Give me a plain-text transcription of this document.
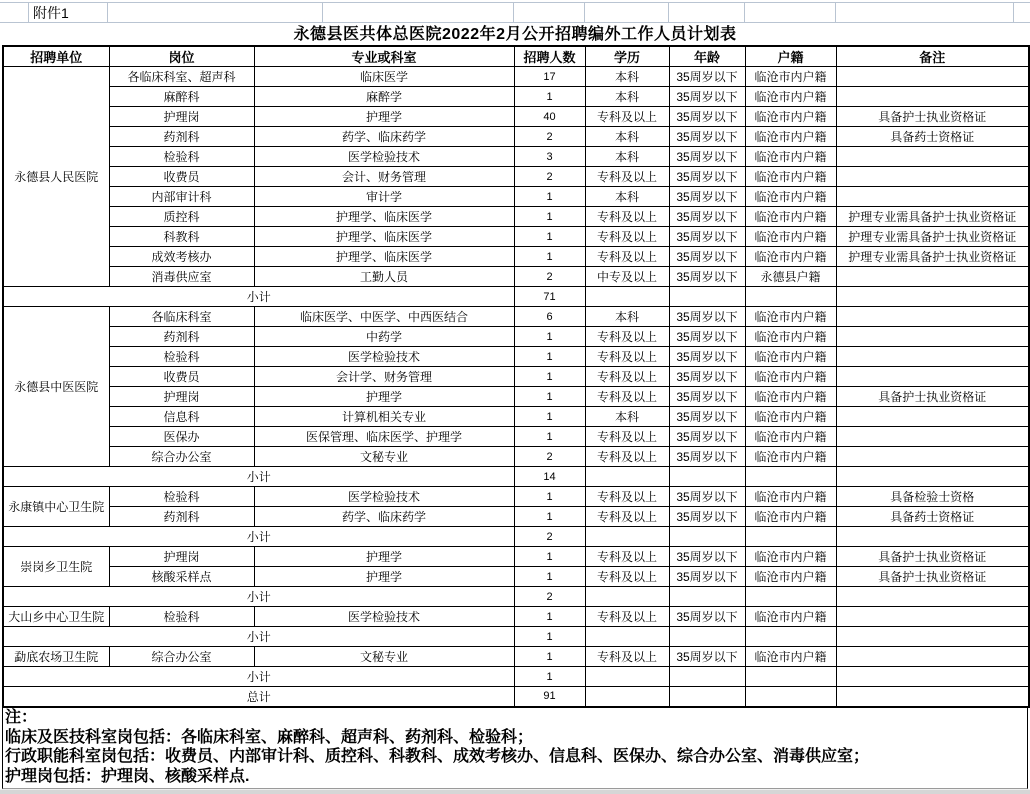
附件1
永德县医共体总医院2022年2月公开招聘编外工作人员计划表
招聘单位	岗位	专业或科室	招聘人数	学历	年龄	户籍	备注
永德县人民医院	各临床科室、超声科	临床医学	17	本科	35周岁以下	临沧市内户籍	
	麻醉科	麻醉学	1	本科	35周岁以下	临沧市内户籍	
	护理岗	护理学	40	专科及以上	35周岁以下	临沧市内户籍	具备护士执业资格证
	药剂科	药学、临床药学	2	本科	35周岁以下	临沧市内户籍	具备药士资格证
	检验科	医学检验技术	3	本科	35周岁以下	临沧市内户籍	
	收费员	会计、财务管理	2	专科及以上	35周岁以下	临沧市内户籍	
	内部审计科	审计学	1	本科	35周岁以下	临沧市内户籍	
	质控科	护理学、临床医学	1	专科及以上	35周岁以下	临沧市内户籍	护理专业需具备护士执业资格证
	科教科	护理学、临床医学	1	专科及以上	35周岁以下	临沧市内户籍	护理专业需具备护士执业资格证
	成效考核办	护理学、临床医学	1	专科及以上	35周岁以下	临沧市内户籍	护理专业需具备护士执业资格证
	消毒供应室	工勤人员	2	中专及以上	35周岁以下	永德县户籍	
小计			71				
永德县中医医院	各临床科室	临床医学、中医学、中西医结合	6	本科	35周岁以下	临沧市内户籍	
	药剂科	中药学	1	专科及以上	35周岁以下	临沧市内户籍	
	检验科	医学检验技术	1	专科及以上	35周岁以下	临沧市内户籍	
	收费员	会计学、财务管理	1	专科及以上	35周岁以下	临沧市内户籍	
	护理岗	护理学	1	专科及以上	35周岁以下	临沧市内户籍	具备护士执业资格证
	信息科	计算机相关专业	1	本科	35周岁以下	临沧市内户籍	
	医保办	医保管理、临床医学、护理学	1	专科及以上	35周岁以下	临沧市内户籍	
	综合办公室	文秘专业	2	专科及以上	35周岁以下	临沧市内户籍	
小计			14				
永康镇中心卫生院	检验科	医学检验技术	1	专科及以上	35周岁以下	临沧市内户籍	具备检验士资格
	药剂科	药学、临床药学	1	专科及以上	35周岁以下	临沧市内户籍	具备药士资格证
小计			2				
崇岗乡卫生院	护理岗	护理学	1	专科及以上	35周岁以下	临沧市内户籍	具备护士执业资格证
	核酸采样点	护理学	1	专科及以上	35周岁以下	临沧市内户籍	具备护士执业资格证
小计			2				
大山乡中心卫生院	检验科	医学检验技术	1	专科及以上	35周岁以下	临沧市内户籍	
小计			1				
勐底农场卫生院	综合办公室	文秘专业	1	专科及以上	35周岁以下	临沧市内户籍	
小计			1				
总计			91				
注：
临床及医技科室岗包括：各临床科室、麻醉科、超声科、药剂科、检验科；
行政职能科室岗包括：收费员、内部审计科、质控科、科教科、成效考核办、信息科、医保办、综合办公室、消毒供应室；
护理岗包括：护理岗、核酸采样点.
